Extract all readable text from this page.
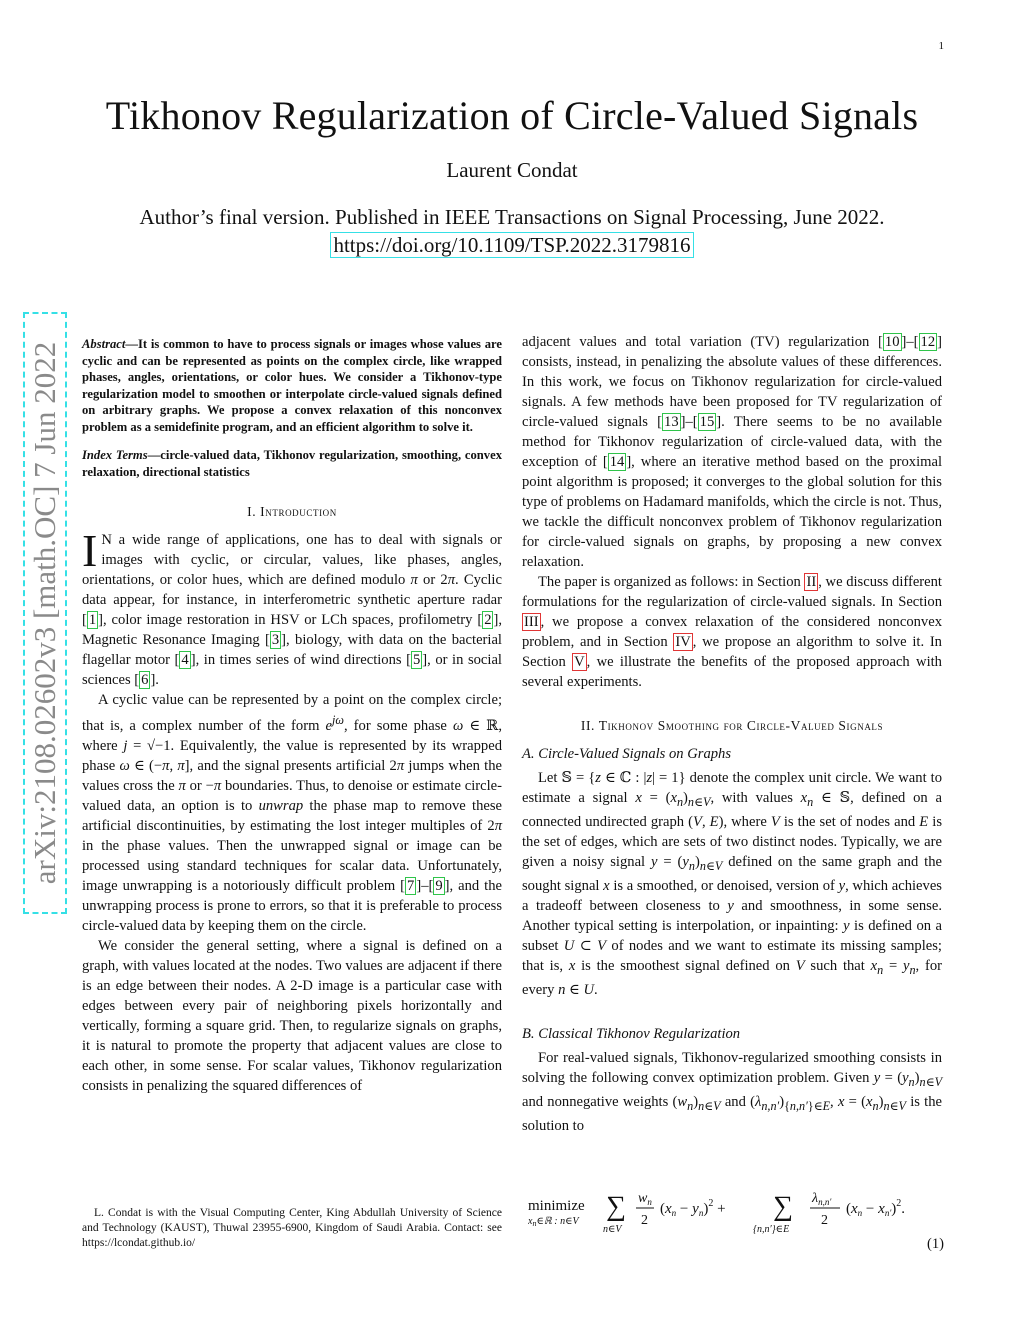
1
Tikhonov Regularization of Circle-Valued Signals
Laurent Condat
Author’s final version. Published in IEEE Transactions on Signal Processing, June 2022.
https://doi.org/10.1109/TSP.2022.3179816
arXiv:2108.02602v3 [math.OC] 7 Jun 2022 Abstract—It is common to have to process signals or images whose values are cyclic and can be represented as points on the complex circle, like wrapped phases, angles, orientations, or color hues. We consider a Tikhonov-type regularization model to smoothen or interpolate circle-valued signals defined on arbitrary graphs. We propose a convex relaxation of this nonconvex problem as a semidefinite program, and an efficient algorithm to solve it.
Index Terms—circle-valued data, Tikhonov regularization, smoothing, convex relaxation, directional statistics
I. Introduction

I N a wide range of applications, one has to deal with signals or images with cyclic, or circular, values, like phases, angles, orientations, or color hues, which are defined modulo π or 2π. Cyclic data appear, for instance, in interferometric synthetic aperture radar [ 1 ], color image restoration in HSV or LCh spaces, profilometry [ 2 ], Magnetic Resonance Imaging [ 3 ], biology, with data on the bacterial flagellar motor [ 4 ], in times series of wind directions [ 5 ], or in social sciences [ 6 ].

A cyclic value can be represented by a point on the complex circle; that is, a complex number of the form $e^{j\omega}$, for some phase ω ∈ ℝ, where j = √−1. Equivalently, the value is represented by its wrapped phase ω ∈ (−π, π], and the signal presents artificial 2π jumps when the values cross the π or −π boundaries. Thus, to denoise or estimate circle-valued data, an option is to unwrap the phase map to remove these artificial discontinuities, by estimating the lost integer multiples of 2π in the phase values. Then the unwrapped signal or image can be processed using standard techniques for scalar data. Unfortunately, image unwrapping is a notoriously difficult problem [ 7 ]–[ 9 ], and the unwrapping process is prone to errors, so that it is preferable to process circle-valued data by keeping them on the circle.

We consider the general setting, where a signal is defined on a graph, with values located at the nodes. Two values are adjacent if there is an edge between their nodes. A 2-D image is a particular case with edges between every pair of neighboring pixels horizontally and vertically, forming a square grid. Then, to regularize signals on graphs, it is natural to promote the property that adjacent values are close to each other, in some sense. For scalar values, Tikhonov regularization consists in penalizing the squared differences of

adjacent values and total variation (TV) regularization [ 10 ]–[ 12 ] consists, instead, in penalizing the absolute values of these differences. In this work, we focus on Tikhonov regularization for circle-valued signals. A few methods have been proposed for TV regularization of circle-valued signals [ 13 ]–[ 15 ]. There seems to be no available method for Tikhonov regularization of circle-valued data, with the exception of [ 14 ], where an iterative method based on the proximal point algorithm is proposed; it converges to the global solution for this type of problems on Hadamard manifolds, which the circle is not. Thus, we tackle the difficult nonconvex problem of Tikhonov regularization for circle-valued signals on graphs, by proposing a new convex relaxation.

The paper is organized as follows: in Section II , we discuss different formulations for the regularization of circle-valued signals. In Section III , we propose a convex relaxation of the considered nonconvex problem, and in Section IV , we propose an algorithm to solve it. In Section V , we illustrate the benefits of the proposed approach with several experiments.

II. Tikhonov Smoothing for Circle-Valued Signals
A. Circle-Valued Signals on Graphs

Let 𝕊 = {z ∈ ℂ : |z| = 1} denote the complex unit circle. We want to estimate a signal $x = (x_n)_{n\in V}$, with values $x_n$ ∈ 𝕊, defined on a connected undirected graph (V, E), where V is the set of nodes and E is the set of edges, which are sets of two distinct nodes. Typically, we are given a noisy signal $y = (y_n)_{n\in V}$ defined on the same graph and the sought signal x is a smoothed, or denoised, version of y, which achieves a tradeoff between closeness to y and smoothness, in some sense. Another typical setting is interpolation, or inpainting: y is defined on a subset U ⊂ V of nodes and we want to estimate its missing samples; that is, x is the smoothest signal defined on V such that $x_n = y_n$, for every n ∈ U.

B. Classical Tikhonov Regularization

For real-valued signals, Tikhonov-regularized smoothing consists in solving the following convex optimization problem. Given $y = (y_n)_{n\in V}$ and nonnegative weights $(w_n)_{n\in V}$ and $(\lambda_{n,n'})_{\{n,n'\}\in E}$, $x = (x_n)_{n\in V}$ is the solution to

minimize
$x_n\in ℝ$ : n∈V ∑
n∈V
$w_n$
2
$(x_n - y_n)^2$ + ∑
{n,n′}∈E
$\lambda_{n,n'}$
2
$(x_n - x_{n'})^2$.
(1)
L. Condat is with the Visual Computing Center, King Abdullah University of Science and Technology (KAUST), Thuwal 23955-6900, Kingdom of Saudi Arabia. Contact: see https://lcondat.github.io/
